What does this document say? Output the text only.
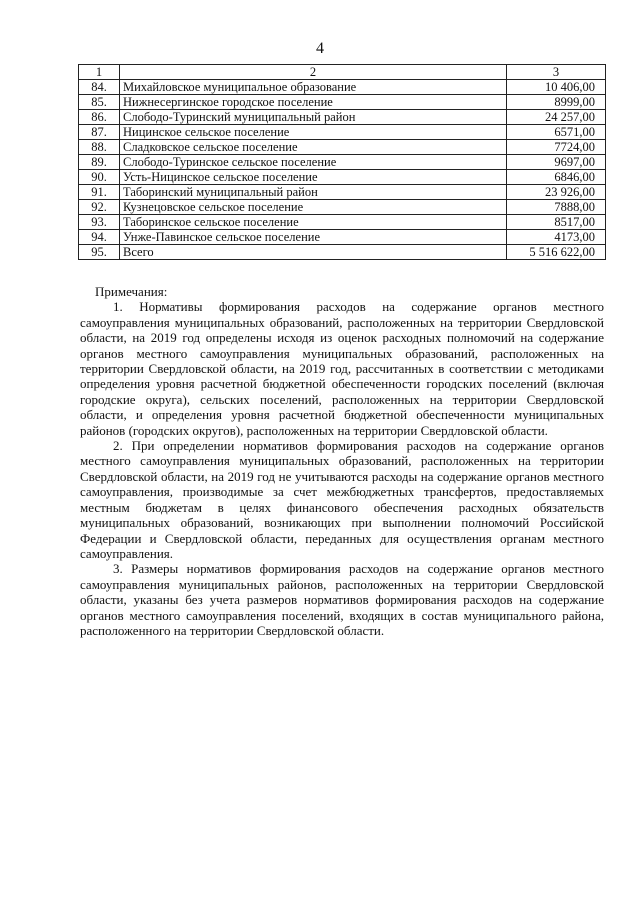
4
1	2	3
84.	Михайловское муниципальное образование	10 406,00
85.	Нижнесергинское городское поселение	8999,00
86.	Слободо-Туринский муниципальный район	24 257,00
87.	Ницинское сельское поселение	6571,00
88.	Сладковское сельское поселение	7724,00
89.	Слободо-Туринское сельское поселение	9697,00
90.	Усть-Ницинское сельское поселение	6846,00
91.	Таборинский муниципальный район	23 926,00
92.	Кузнецовское сельское поселение	7888,00
93.	Таборинское сельское поселение	8517,00
94.	Унже-Павинское сельское поселение	4173,00
95.	Всего	5 516 622,00
Примечания:

1. Нормативы формирования расходов на содержание органов местного самоуправления муниципальных образований, расположенных на территории Свердловской области, на 2019 год определены исходя из оценок расходных полномочий на содержание органов местного самоуправления муниципальных образований, расположенных на территории Свердловской области, на 2019 год, рассчитанных в соответствии с методиками определения уровня расчетной бюджетной обеспеченности городских поселений (включая городские округа), сельских поселений, расположенных на территории Свердловской области, и определения уровня расчетной бюджетной обеспеченности муниципальных районов (городских округов), расположенных на территории Свердловской области.

2. При определении нормативов формирования расходов на содержание органов местного самоуправления муниципальных образований, расположенных на территории Свердловской области, на 2019 год не учитываются расходы на содержание органов местного самоуправления, производимые за счет межбюджетных трансфертов, предоставляемых местным бюджетам в целях финансового обеспечения расходных обязательств муниципальных образований, возникающих при выполнении полномочий Российской Федерации и Свердловской области, переданных для осуществления органам местного самоуправления.

3. Размеры нормативов формирования расходов на содержание органов местного самоуправления муниципальных районов, расположенных на территории Свердловской области, указаны без учета размеров нормативов формирования расходов на содержание органов местного самоуправления поселений, входящих в состав муниципального района, расположенного на территории Свердловской области.
